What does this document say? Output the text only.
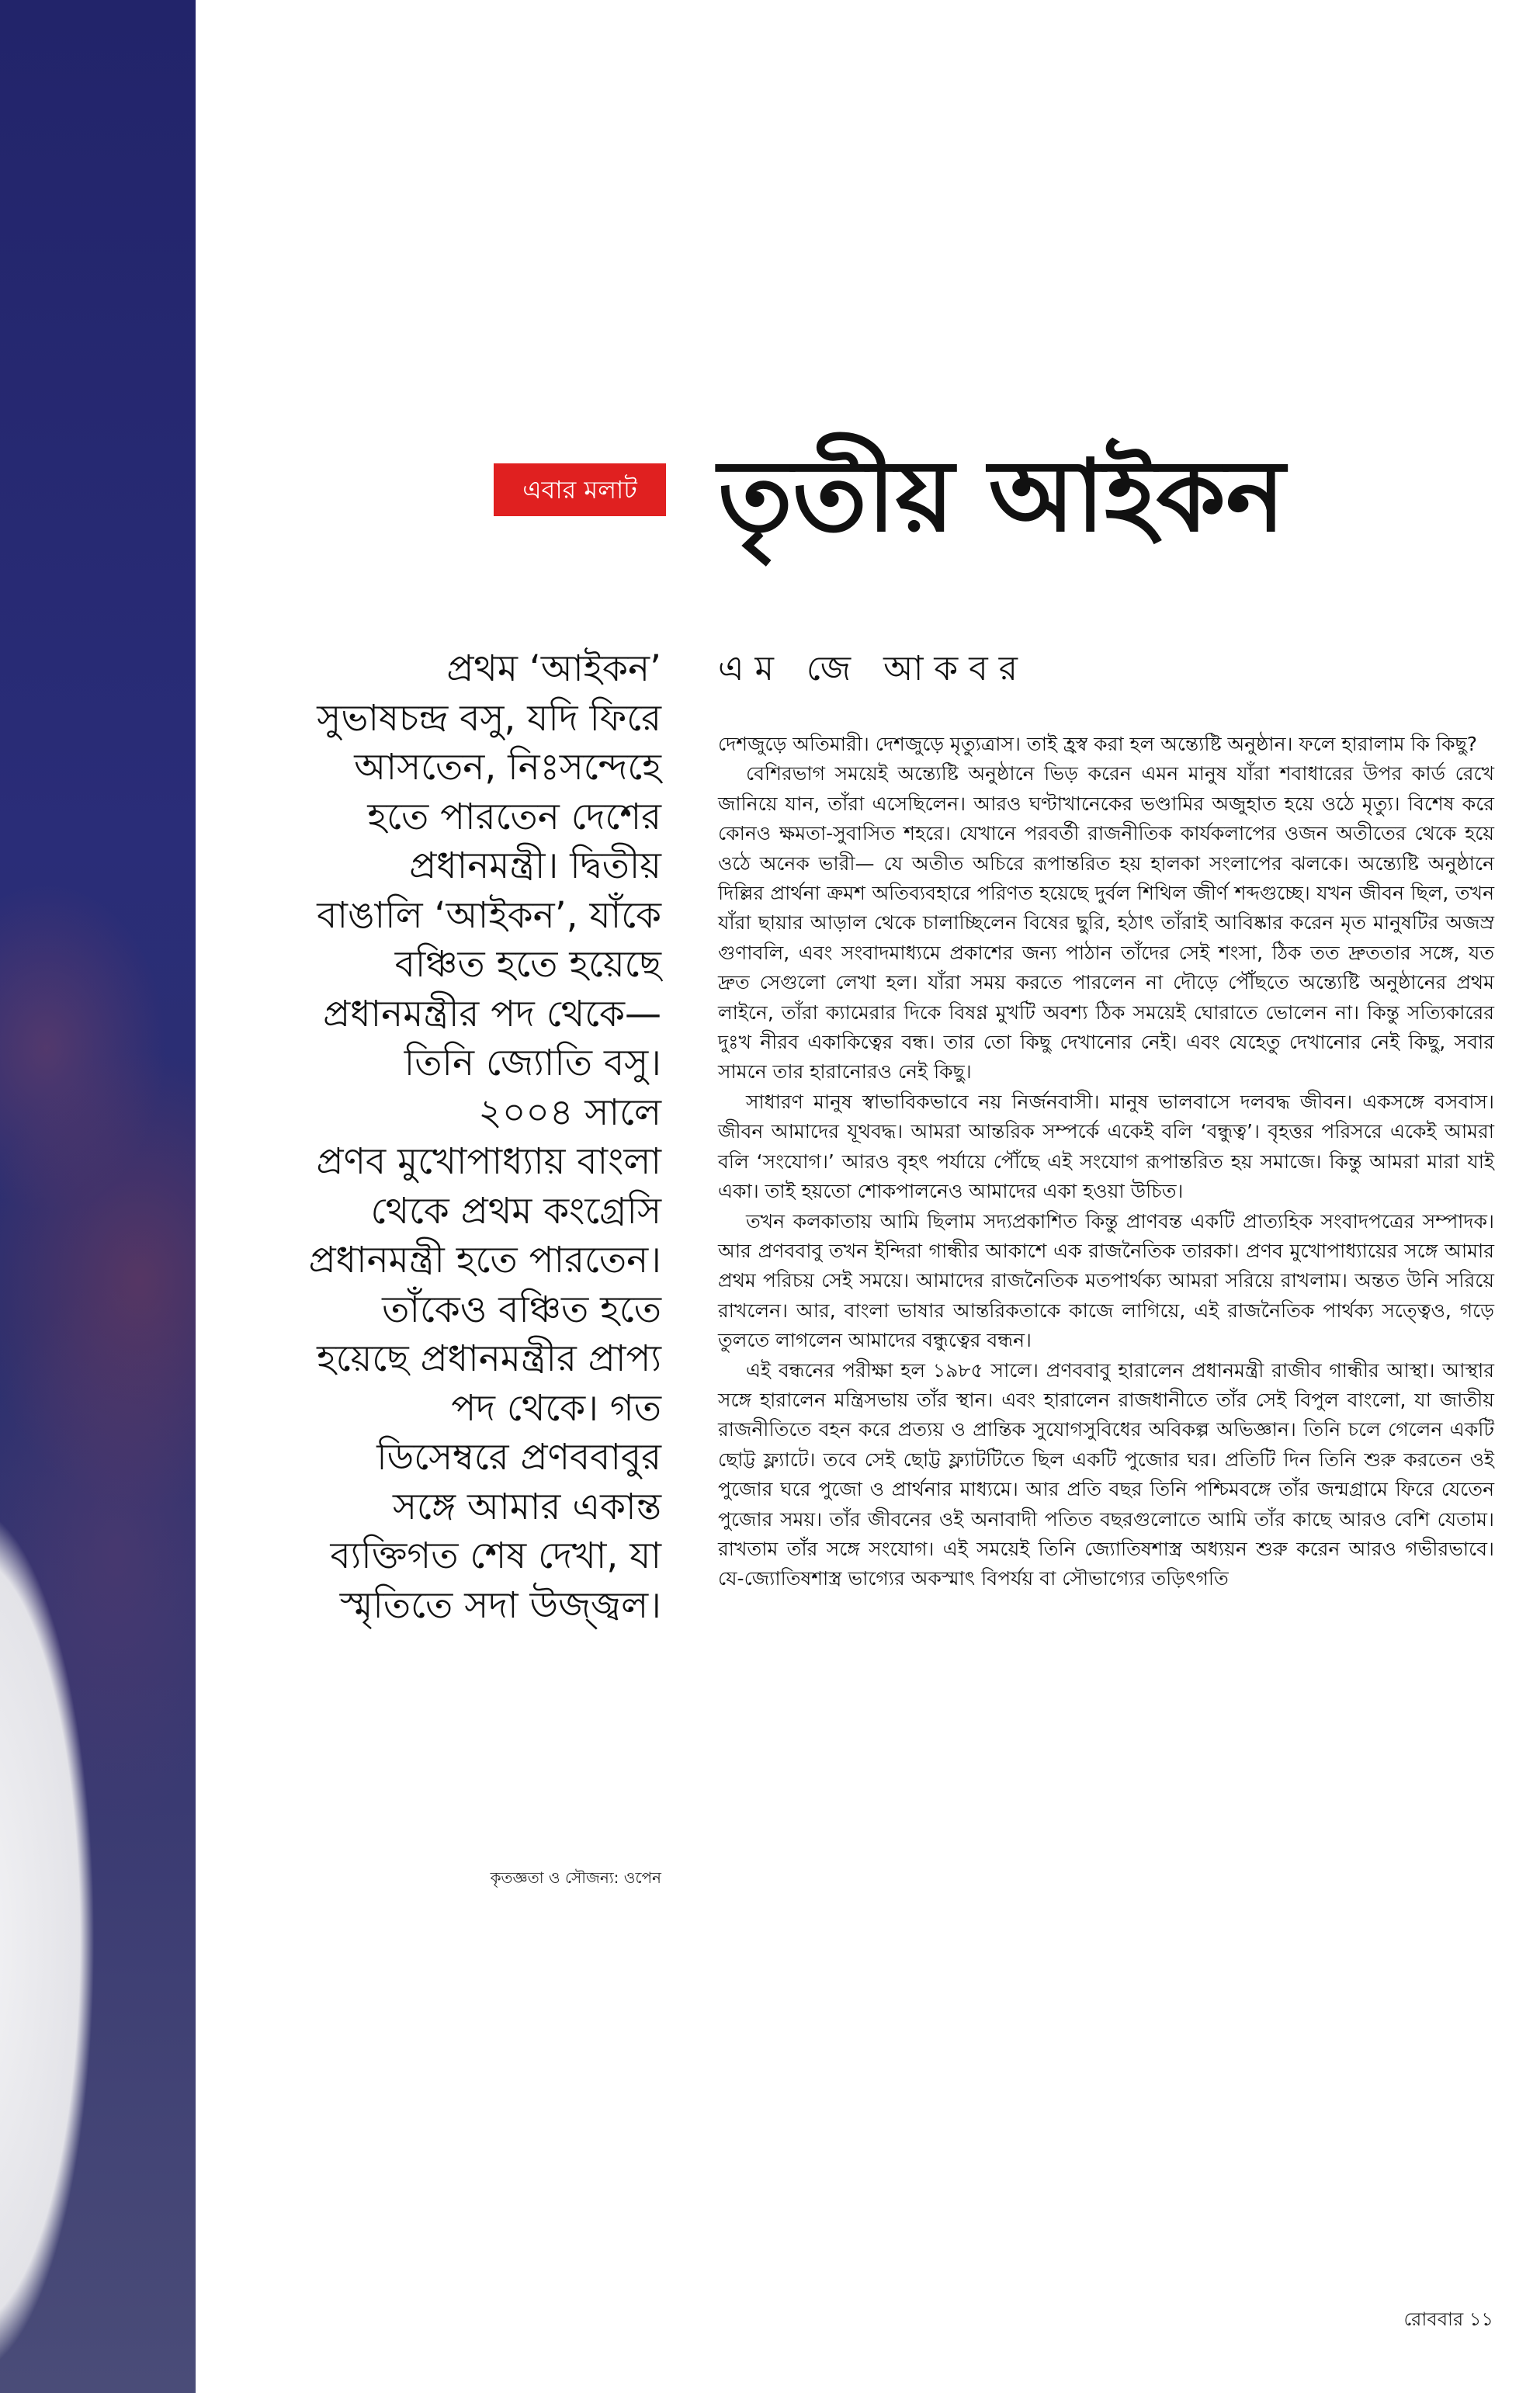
এবার মলাট তৃতীয় আইকন
প্রথম ‘আইকন’
সুভাষচন্দ্র বসু, যদি ফিরে
আসতেন, নিঃসন্দেহে
হতে পারতেন দেশের
প্রধানমন্ত্রী। দ্বিতীয়
বাঙালি ‘আইকন’, যাঁকে
বঞ্চিত হতে হয়েছে
প্রধানমন্ত্রীর পদ থেকে—
তিনি জ্যোতি বসু।
২০০৪ সালে
প্রণব মুখোপাধ্যায় বাংলা
থেকে প্রথম কংগ্রেসি
প্রধানমন্ত্রী হতে পারতেন।
তাঁকেও বঞ্চিত হতে
হয়েছে প্রধানমন্ত্রীর প্রাপ্য
পদ থেকে। গত
ডিসেম্বরে প্রণববাবুর
সঙ্গে আমার একান্ত
ব্যক্তিগত শেষ দেখা, যা
স্মৃতিতে সদা উজ্জ্বল।
কৃতজ্ঞতা ও সৌজন্য: ওপেন
এম জে আকবর

দেশজুড়ে অতিমারী। দেশজুড়ে মৃত্যুত্রাস। তাই হ্রস্ব করা হল অন্ত্যেষ্টি অনুষ্ঠান। ফলে হারালাম কি কিছু?

বেশিরভাগ সময়েই অন্ত্যেষ্টি অনুষ্ঠানে ভিড় করেন এমন মানুষ যাঁরা শবাধারের উপর কার্ড রেখে জানিয়ে যান, তাঁরা এসেছিলেন। আরও ঘণ্টাখানেকের ভণ্ডামির অজুহাত হয়ে ওঠে মৃত্যু। বিশেষ করে কোনও ক্ষমতা-সুবাসিত শহরে। যেখানে পরবর্তী রাজনীতিক কার্যকলাপের ওজন অতীতের থেকে হয়ে ওঠে অনেক ভারী— যে অতীত অচিরে রূপান্তরিত হয় হালকা সংলাপের ঝলকে। অন্ত্যেষ্টি অনুষ্ঠানে দিল্লির প্রার্থনা ক্রমশ অতিব্যবহারে পরিণত হয়েছে দুর্বল শিথিল জীর্ণ শব্দগুচ্ছে। যখন জীবন ছিল, তখন যাঁরা ছায়ার আড়াল থেকে চালাচ্ছিলেন বিষের ছুরি, হঠাৎ তাঁরাই আবিষ্কার করেন মৃত মানুষটির অজস্র গুণাবলি, এবং সংবাদমাধ্যমে প্রকাশের জন্য পাঠান তাঁদের সেই শংসা, ঠিক তত দ্রুততার সঙ্গে, যত দ্রুত সেগুলো লেখা হল। যাঁরা সময় করতে পারলেন না দৌড়ে পৌঁছতে অন্ত্যেষ্টি অনুষ্ঠানের প্রথম লাইনে, তাঁরা ক্যামেরার দিকে বিষণ্ণ মুখটি অবশ্য ঠিক সময়েই ঘোরাতে ভোলেন না। কিন্তু সত্যিকারের দুঃখ নীরব একাকিত্বের বন্ধ। তার তো কিছু দেখানোর নেই। এবং যেহেতু দেখানোর নেই কিছু, সবার সামনে তার হারানোরও নেই কিছু।

সাধারণ মানুষ স্বাভাবিকভাবে নয় নির্জনবাসী। মানুষ ভালবাসে দলবদ্ধ জীবন। একসঙ্গে বসবাস। জীবন আমাদের যূথবদ্ধ। আমরা আন্তরিক সম্পর্কে একেই বলি ‘বন্ধুত্ব’। বৃহত্তর পরিসরে একেই আমরা বলি ‘সংযোগ।’ আরও বৃহৎ পর্যায়ে পৌঁছে এই সংযোগ রূপান্তরিত হয় সমাজে। কিন্তু আমরা মারা যাই একা। তাই হয়তো শোকপালনেও আমাদের একা হওয়া উচিত।

তখন কলকাতায় আমি ছিলাম সদ্যপ্রকাশিত কিন্তু প্রাণবন্ত একটি প্রাত্যহিক সংবাদপত্রের সম্পাদক। আর প্রণববাবু তখন ইন্দিরা গান্ধীর আকাশে এক রাজনৈতিক তারকা। প্রণব মুখোপাধ্যায়ের সঙ্গে আমার প্রথম পরিচয় সেই সময়ে। আমাদের রাজনৈতিক মতপার্থক্য আমরা সরিয়ে রাখলাম। অন্তত উনি সরিয়ে রাখলেন। আর, বাংলা ভাষার আন্তরিকতাকে কাজে লাগিয়ে, এই রাজনৈতিক পার্থক্য সত্ত্বেও, গড়ে তুলতে লাগলেন আমাদের বন্ধুত্বের বন্ধন।

এই বন্ধনের পরীক্ষা হল ১৯৮৫ সালে। প্রণববাবু হারালেন প্রধানমন্ত্রী রাজীব গান্ধীর আস্থা। আস্থার সঙ্গে হারালেন মন্ত্রিসভায় তাঁর স্থান। এবং হারালেন রাজধানীতে তাঁর সেই বিপুল বাংলো, যা জাতীয় রাজনীতিতে বহন করে প্রত্যয় ও প্রান্তিক সুযোগসুবিধের অবিকল্প অভিজ্ঞান। তিনি চলে গেলেন একটি ছোট্ট ফ্ল্যাটে। তবে সেই ছোট্ট ফ্ল্যাটটিতে ছিল একটি পুজোর ঘর। প্রতিটি দিন তিনি শুরু করতেন ওই পুজোর ঘরে পুজো ও প্রার্থনার মাধ্যমে। আর প্রতি বছর তিনি পশ্চিমবঙ্গে তাঁর জন্মগ্রামে ফিরে যেতেন পুজোর সময়। তাঁর জীবনের ওই অনাবাদী পতিত বছরগুলোতে আমি তাঁর কাছে আরও বেশি যেতাম। রাখতাম তাঁর সঙ্গে সংযোগ। এই সময়েই তিনি জ্যোতিষশাস্ত্র অধ্যয়ন শুরু করেন আরও গভীরভাবে। যে-জ্যোতিষশাস্ত্র ভাগ্যের অকস্মাৎ বিপর্যয় বা সৌভাগ্যের তড়িৎগতি

রোববার ১১
